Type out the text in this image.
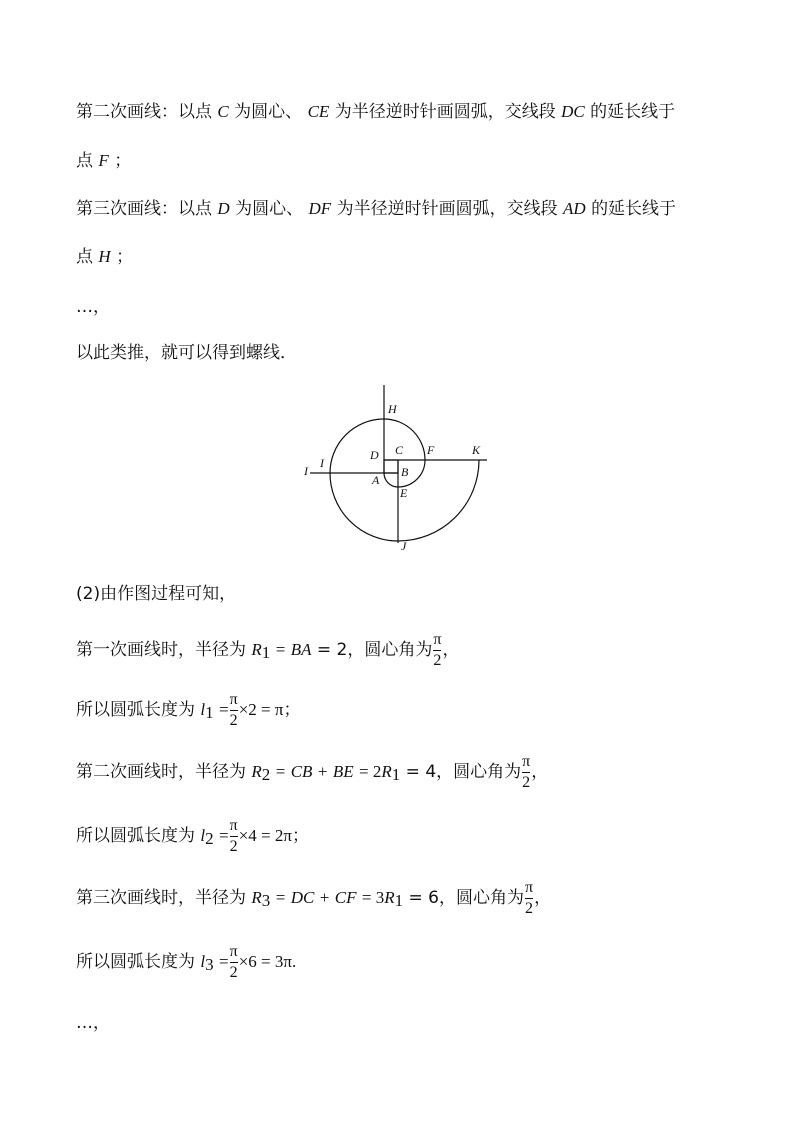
第二次画线：以点 C 为圆心、 CE 为半径逆时针画圆弧，交线段 DC 的延长线于
点 F ；
第三次画线：以点 D 为圆心、 DF 为半径逆时针画圆弧，交线段 AD 的延长线于
点 H ；
…，
以此类推，就可以得到螺线．
H
D C F	K
I
I
A
B
E
J
(2)由作图过程可知，
第一次画线时，半径为 $R_1$ = BA = 2，圆心角为 $\frac{\pi}{2}$ ，
所以圆弧长度为 $l_1 = \frac{\pi}{2} \times 2 = \pi$；
第二次画线时，半径为 $R_2$ = CB + BE = $2R_1 = 4$，圆心角为 $\frac{\pi}{2}$ ，
所以圆弧长度为 $l_2 = \frac{\pi}{2} \times 4 = 2\pi$；
第三次画线时，半径为 $R_3$ = DC + CF = $3R_1 = 6$，圆心角为 $\frac{\pi}{2}$ ，
所以圆弧长度为 $l_3 = \frac{\pi}{2} \times 6 = 3\pi$.
…，
